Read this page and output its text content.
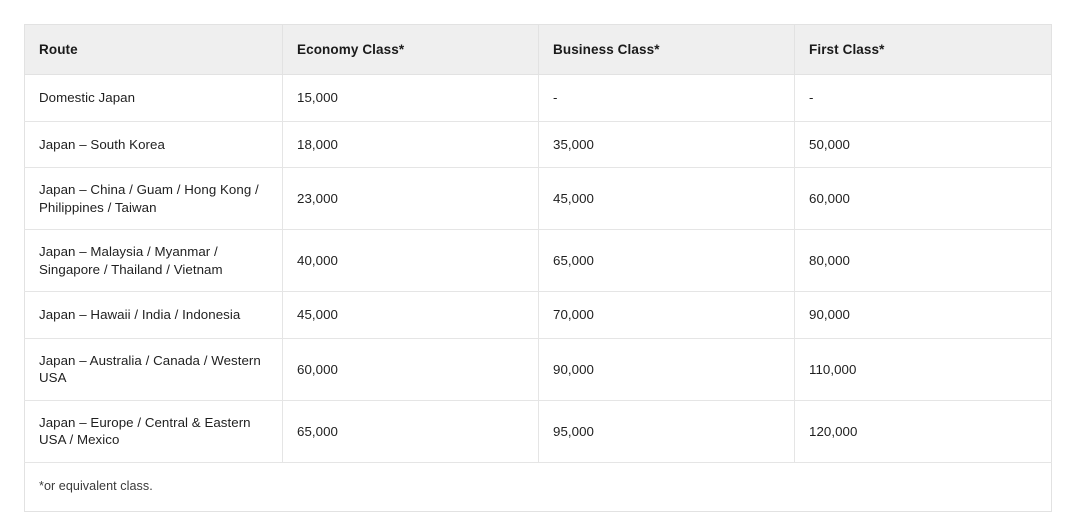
Route	Economy Class*	Business Class*	First Class*
Domestic Japan	15,000	-	-
Japan – South Korea	18,000	35,000	50,000
Japan – China / Guam / Hong Kong / Philippines / Taiwan	23,000	45,000	60,000
Japan – Malaysia / Myanmar / Singapore / Thailand / Vietnam	40,000	65,000	80,000
Japan – Hawaii / India / Indonesia	45,000	70,000	90,000
Japan – Australia / Canada / Western USA	60,000	90,000	110,000
Japan – Europe / Central & Eastern USA / Mexico	65,000	95,000	120,000
*or equivalent class.			
